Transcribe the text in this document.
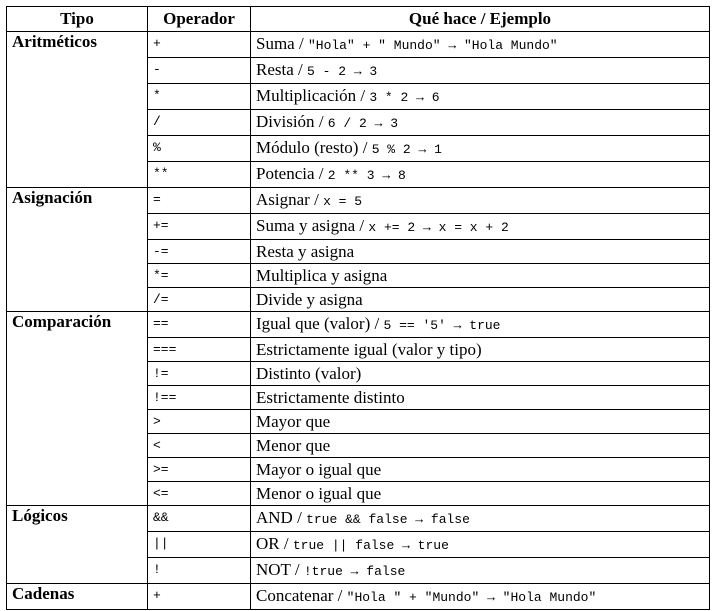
Tipo	Operador	Qué hace / Ejemplo
Aritméticos	+	Suma / "Hola" + " Mundo" → "Hola Mundo"
	-	Resta / 5 - 2 → 3
	*	Multiplicación / 3 * 2 → 6
	/	División / 6 / 2 → 3
	%	Módulo (resto) / 5 % 2 → 1
	**	Potencia / 2 ** 3 → 8
Asignación	=	Asignar / x = 5
	+=	Suma y asigna / x += 2 → x = x + 2
	-=	Resta y asigna
	*=	Multiplica y asigna
	/=	Divide y asigna
Comparación	==	Igual que (valor) / 5 == '5' → true
	===	Estrictamente igual (valor y tipo)
	!=	Distinto (valor)
	!==	Estrictamente distinto
	>	Mayor que
	<	Menor que
	>=	Mayor o igual que
	<=	Menor o igual que
Lógicos	&&	AND / true && false → false
	||	OR / true || false → true
	!	NOT / !true → false
Cadenas	+	Concatenar / "Hola " + "Mundo" → "Hola Mundo"
